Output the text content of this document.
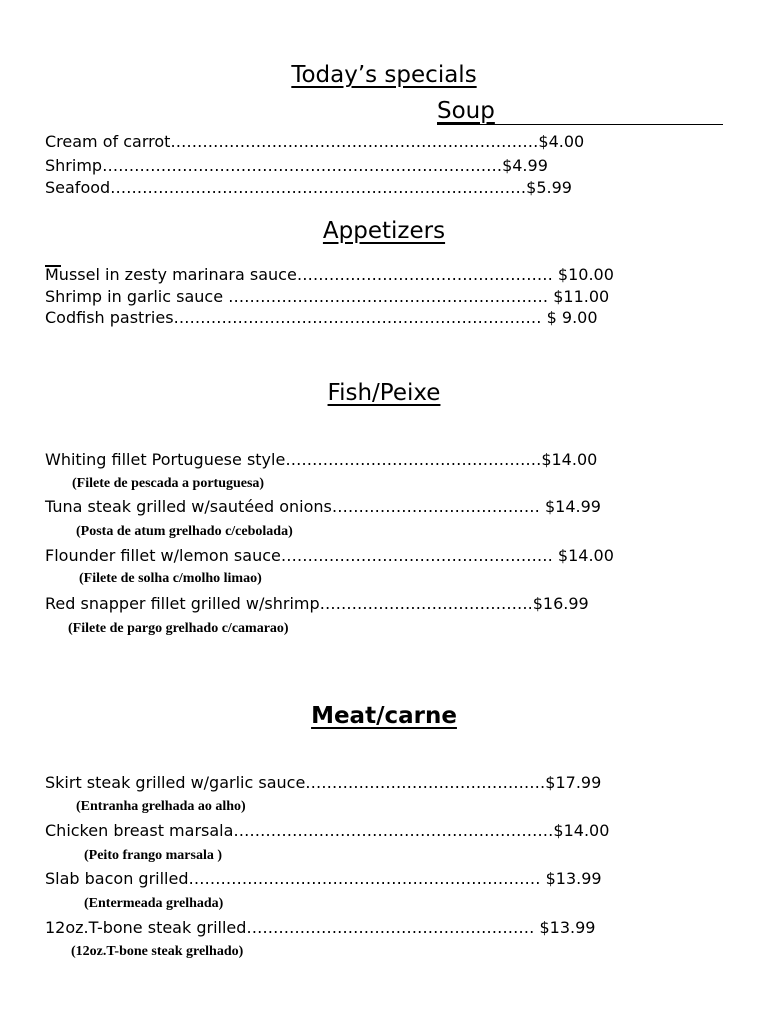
Today’s specials
Soup
Cream of carrot……………………………………………………………$4.00
Shrimp…………………………………………………………………$4.99
Seafood……………………………………………………………………$5.99
Appetizers
Mussel in zesty marinara sauce………………………………………… $10.00
Shrimp in garlic sauce …………………………………………………… $11.00
Codfish pastries…………………………………………………………… $ 9.00
Fish/Peixe
Whiting fillet Portuguese style…………………………………………$14.00
(Filete de pescada a portuguesa)
Tuna steak grilled w/sautéed onions………………………………… $14.99
(Posta de atum grelhado c/cebolada)
Flounder fillet w/lemon sauce…………………………………………… $14.00
(Filete de solha c/molho limao)
Red snapper fillet grilled w/shrimp………………………………….$16.99
(Filete de pargo grelhado c/camarao)
Meat/carne
Skirt steak grilled w/garlic sauce………………………………………$17.99
(Entranha grelhada ao alho)
Chicken breast marsala……………………………………………………$14.00
(Peito frango marsala )
Slab bacon grilled………………………………………………………… $13.99
(Entermeada grelhada)
12oz.T-bone steak grilled……………………………………………… $13.99
(12oz.T-bone steak grelhado)
